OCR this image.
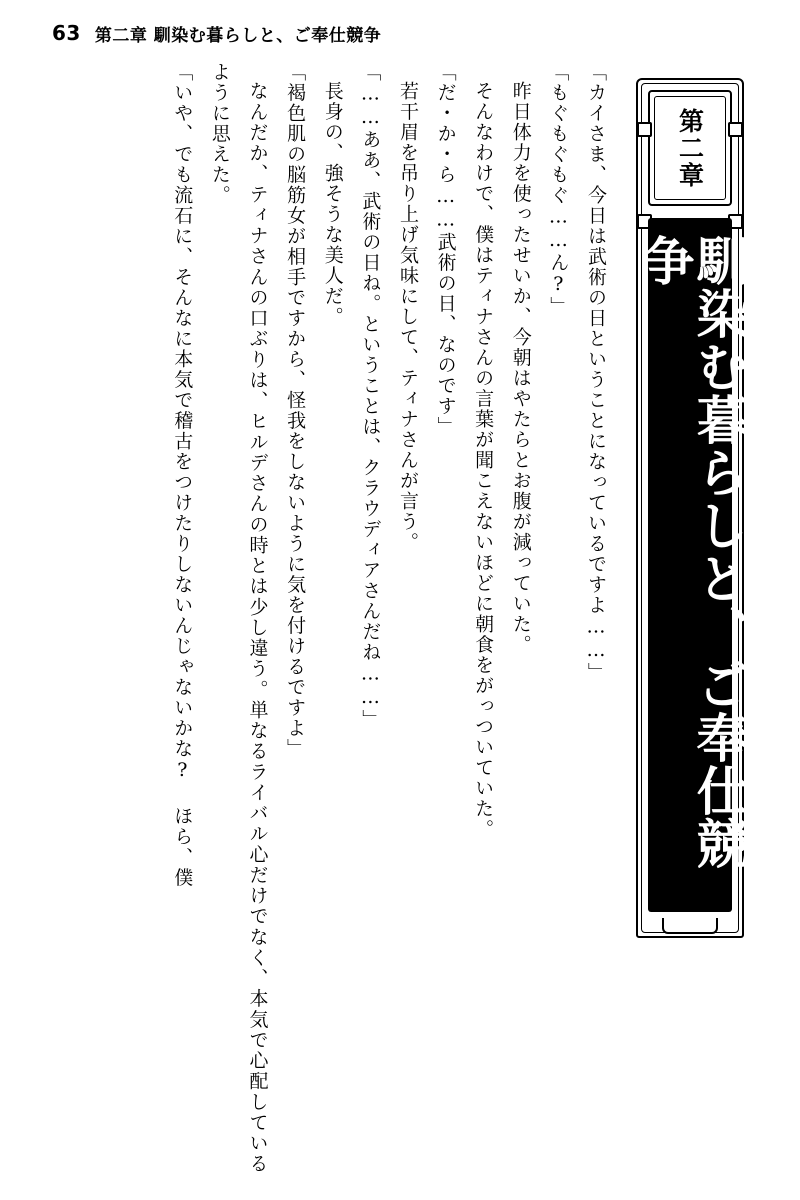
63 第二章 馴染む暮らしと、ご奉仕競争
第二章
馴染む暮らしと、ご奉仕競争

「カイさま、今日は武術の日ということになっているですよ……」

「もぐもぐもぐ……ん?」

昨日体力を使ったせいか、今朝はやたらとお腹が減っていた。

そんなわけで、僕はティナさんの言葉が聞こえないほどに朝食をがっついていた。

「だ・か・ら……武術の日、なのです」

若干眉を吊り上げ気味にして、ティナさんが言う。

「……ああ、武術の日ね。ということは、クラウディアさんだね……」

長身の、強そうな美人だ。

「褐色肌の脳筋女が相手ですから、怪我をしないように気を付けるですよ」

なんだか、ティナさんの口ぶりは、ヒルデさんの時とは少し違う。単なるライバル心だけでなく、本気で心配しているように思えた。

「いや、でも流石に、そんなに本気で稽古をつけたりしないんじゃないかな? ほら、僕
